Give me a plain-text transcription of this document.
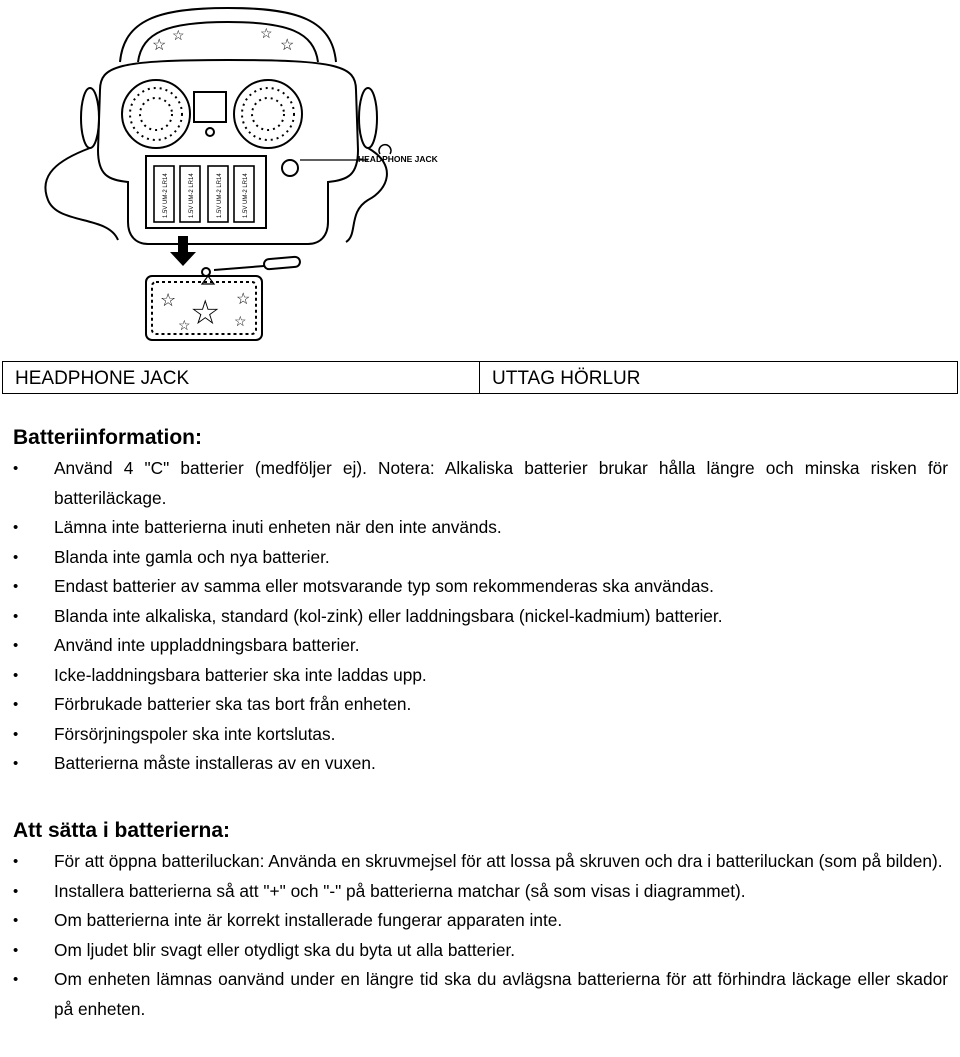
☆
☆	☆
☆
HEADPHONE JACK
1.5V UM-2 LR14	1.5V UM-2 LR14	1.5V UM-2 LR14	1.5V UM-2 LR14
☆ ☆ ☆
☆	☆
HEADPHONE JACK	UTTAG HÖRLUR
Batteriinformation:
• Använd 4 "C" batterier (medföljer ej). Notera: Alkaliska batterier brukar hålla längre och minska risken för batteriläckage.
• Lämna inte batterierna inuti enheten när den inte används.
• Blanda inte gamla och nya batterier.
• Endast batterier av samma eller motsvarande typ som rekommenderas ska användas.
• Blanda inte alkaliska, standard (kol-zink) eller laddningsbara (nickel-kadmium) batterier.
• Använd inte uppladdningsbara batterier.
• Icke-laddningsbara batterier ska inte laddas upp.
• Förbrukade batterier ska tas bort från enheten.
• Försörjningspoler ska inte kortslutas.
• Batterierna måste installeras av en vuxen.
Att sätta i batterierna:
• För att öppna batteriluckan: Använda en skruvmejsel för att lossa på skruven och dra i batteriluckan (som på bilden).
• Installera batterierna så att "+" och "-" på batterierna matchar (så som visas i diagrammet).
• Om batterierna inte är korrekt installerade fungerar apparaten inte.
• Om ljudet blir svagt eller otydligt ska du byta ut alla batterier.
• Om enheten lämnas oanvänd under en längre tid ska du avlägsna batterierna för att förhindra läckage eller skador på enheten.
